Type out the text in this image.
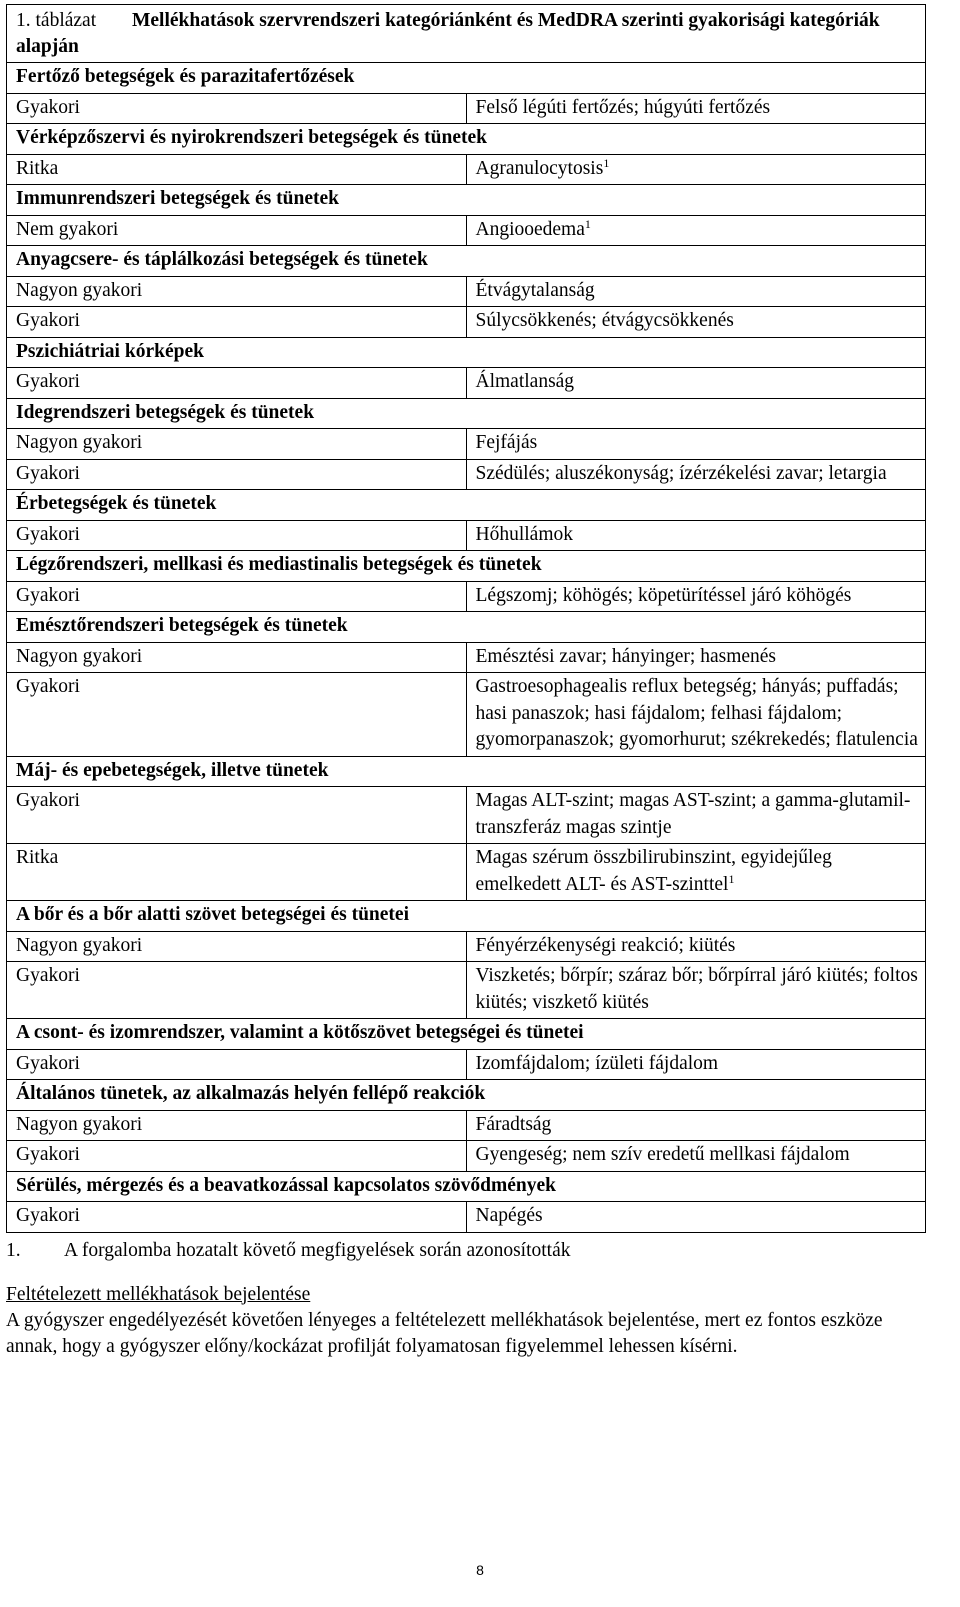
1. táblázat Mellékhatások szervrendszeri kategóriánként és MedDRA szerinti gyakorisági kategóriák alapján	
Fertőző betegségek és parazitafertőzések	
Gyakori	Felső légúti fertőzés; húgyúti fertőzés
Vérképzőszervi és nyirokrendszeri betegségek és tünetek	
Ritka	Agranulocytosis$^1$
Immunrendszeri betegségek és tünetek	
Nem gyakori	Angiooedema$^1$
Anyagcsere- és táplálkozási betegségek és tünetek	
Nagyon gyakori	Étvágytalanság
Gyakori	Súlycsökkenés; étvágycsökkenés
Pszichiátriai kórképek	
Gyakori	Álmatlanság
Idegrendszeri betegségek és tünetek	
Nagyon gyakori	Fejfájás
Gyakori	Szédülés; aluszékonyság; ízérzékelési zavar; letargia
Érbetegségek és tünetek	
Gyakori	Hőhullámok
Légzőrendszeri, mellkasi és mediastinalis betegségek és tünetek	
Gyakori	Légszomj; köhögés; köpetürítéssel járó köhögés
Emésztőrendszeri betegségek és tünetek	
Nagyon gyakori	Emésztési zavar; hányinger; hasmenés
Gyakori	Gastroesophagealis reflux betegség; hányás; puffadás; hasi panaszok; hasi fájdalom; felhasi fájdalom; gyomorpanaszok; gyomorhurut; székrekedés; flatulencia
Máj- és epebetegségek, illetve tünetek	
Gyakori	Magas ALT-szint; magas AST-szint; a gamma-glutamil-transzferáz magas szintje
Ritka	Magas szérum összbilirubinszint, egyidejűleg emelkedett ALT- és AST-szinttel$^1$
A bőr és a bőr alatti szövet betegségei és tünetei	
Nagyon gyakori	Fényérzékenységi reakció; kiütés
Gyakori	Viszketés; bőrpír; száraz bőr; bőrpírral járó kiütés; foltos kiütés; viszkető kiütés
A csont- és izomrendszer, valamint a kötőszövet betegségei és tünetei	
Gyakori	Izomfájdalom; ízületi fájdalom
Általános tünetek, az alkalmazás helyén fellépő reakciók	
Nagyon gyakori	Fáradtság
Gyakori	Gyengeség; nem szív eredetű mellkasi fájdalom
Sérülés, mérgezés és a beavatkozással kapcsolatos szövődmények	
Gyakori	Napégés
1. A forgalomba hozatalt követő megfigyelések során azonosították
Feltételezett mellékhatások bejelentése
A gyógyszer engedélyezését követően lényeges a feltételezett mellékhatások bejelentése, mert ez fontos eszköze annak, hogy a gyógyszer előny/kockázat profilját folyamatosan figyelemmel lehessen kísérni.
8
